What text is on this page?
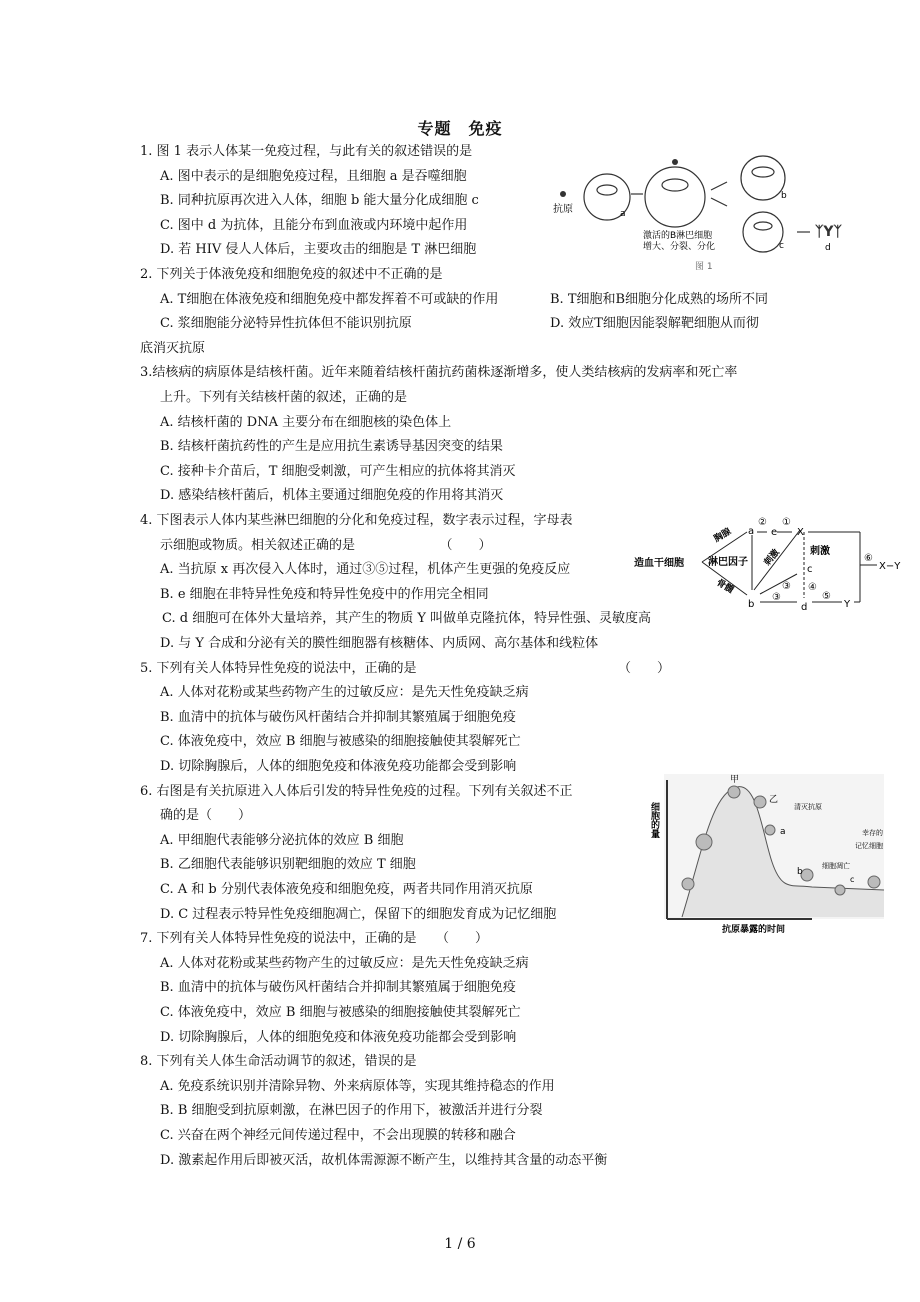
专题　免疫
1. 图 1 表示人体某一免疫过程，与此有关的叙述错误的是
A. 图中表示的是细胞免疫过程，且细胞 a 是吞噬细胞
B. 同种抗原再次进入人体，细胞 b 能大量分化成细胞 c
C. 图中 d 为抗体，且能分布到血液或内环境中起作用
D. 若 HIV 侵人人体后，主要攻击的细胞是 T 淋巴细胞
2. 下列关于体液免疫和细胞免疫的叙述中不正确的是
A. T细胞在体液免疫和细胞免疫中都发挥着不可或缺的作用	B. T细胞和B细胞分化成熟的场所不同
C. 浆细胞能分泌特异性抗体但不能识别抗原	D. 效应T细胞因能裂解靶细胞从而彻
底消灭抗原
3.结核病的病原体是结核杆菌。近年来随着结核杆菌抗药菌株逐渐增多，使人类结核病的发病率和死亡率
上升。下列有关结核杆菌的叙述，正确的是
A. 结核杆菌的 DNA 主要分布在细胞核的染色体上
B. 结核杆菌抗药性的产生是应用抗生素诱导基因突变的结果
C. 接种卡介苗后，T 细胞受刺激，可产生相应的抗体将其消灭
D. 感染结核杆菌后，机体主要通过细胞免疫的作用将其消灭
4. 下图表示人体内某些淋巴细胞的分化和免疫过程，数字表示过程，字母表
示细胞或物质。相关叙述正确的是　　　　　　　（　　）
A. 当抗原 x 再次侵入人体时，通过③⑤过程，机体产生更强的免疫反应
B. e 细胞在非特异性免疫和特异性免疫中的作用完全相同
C. d 细胞可在体外大量培养，其产生的物质 Y 叫做单克隆抗体，特异性强、灵敏度高
D. 与 Y 合成和分泌有关的膜性细胞器有核糖体、内质网、高尔基体和线粒体
5. 下列有关人体特异性免疫的说法中，正确的是　　　　　　　　　　　　　　　　（　　）
A. 人体对花粉或某些药物产生的过敏反应：是先天性免疫缺乏病
B. 血清中的抗体与破伤风杆菌结合并抑制其繁殖属于细胞免疫
C. 体液免疫中，效应 B 细胞与被感染的细胞接触使其裂解死亡
D. 切除胸腺后，人体的细胞免疫和体液免疫功能都会受到影响
6. 右图是有关抗原进入人体后引发的特异性免疫的过程。下列有关叙述不正
确的是（　　）
A. 甲细胞代表能够分泌抗体的效应 B 细胞
B. 乙细胞代表能够识别靶细胞的效应 T 细胞
C. A 和 b 分别代表体液免疫和细胞免疫，两者共同作用消灭抗原
D. C 过程表示特异性免疫细胞凋亡，保留下的细胞发育成为记忆细胞
7. 下列有关人体特异性免疫的说法中，正确的是　　（　　）
A. 人体对花粉或某些药物产生的过敏反应：是先天性免疫缺乏病
B. 血清中的抗体与破伤风杆菌结合并抑制其繁殖属于细胞免疫
C. 体液免疫中，效应 B 细胞与被感染的细胞接触使其裂解死亡
D. 切除胸腺后，人体的细胞免疫和体液免疫功能都会受到影响
8. 下列有关人体生命活动调节的叙述，错误的是
A. 免疫系统识别并清除异物、外来病原体等，实现其维持稳态的作用
B. B 细胞受到抗原刺激，在淋巴因子的作用下，被激活并进行分裂
C. 兴奋在两个神经元间传递过程中，不会出现膜的转移和融合
D. 激素起作用后即被灭活，故机体需源源不断产生，以维持其含量的动态平衡
抗原	a
b
c	d
ᛉYᛉ
激活的B淋巴细胞
增大、分裂、分化
图 1
造血干细胞
胸腺
骨髓
淋巴因子 刺激	刺激
a
b
c
d
e X
Y
X−Y
①
②
③
③
④
⑤
⑥
细胞的量
抗原暴露的时间
甲
乙
a
b
c
清灭抗原
细胞凋亡
幸存的
记忆细胞
1 / 6
